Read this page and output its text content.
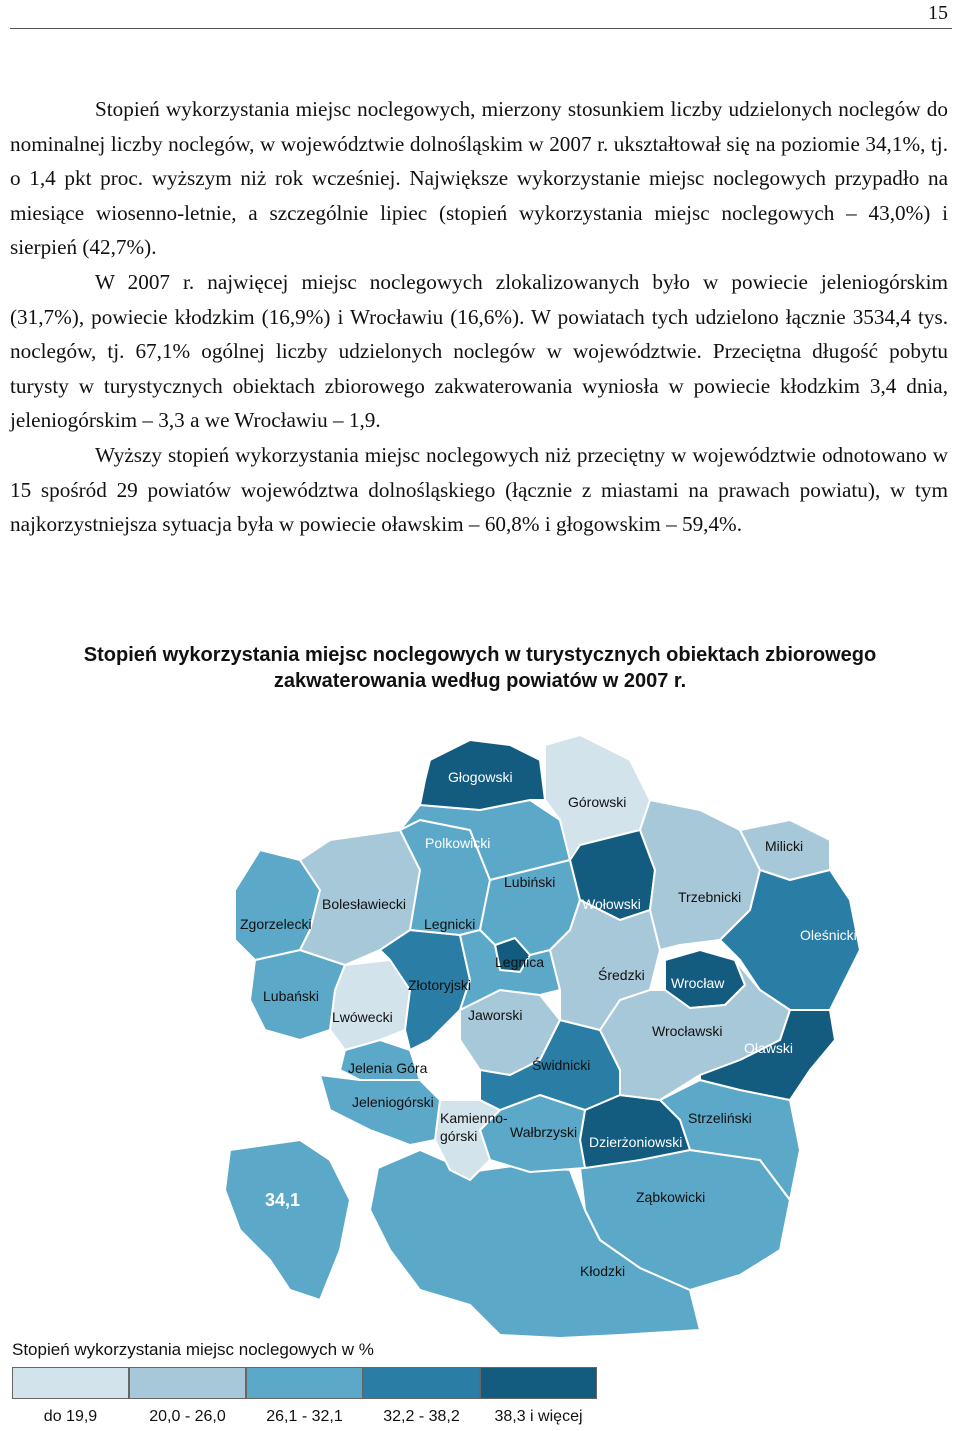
15

Stopień wykorzystania miejsc noclegowych, mierzony stosunkiem liczby udzielonych noclegów do nominalnej liczby noclegów, w województwie dolnośląskim w 2007 r. ukształtował się na poziomie 34,1%, tj. o 1,4 pkt proc. wyższym niż rok wcześniej. Największe wykorzystanie miejsc noclegowych przypadło na miesiące wiosenno-letnie, a szczególnie lipiec (stopień wykorzystania miejsc noclegowych – 43,0%) i sierpień (42,7%).

W 2007 r. najwięcej miejsc noclegowych zlokalizowanych było w powiecie jeleniogórskim (31,7%), powiecie kłodzkim (16,9%) i Wrocławiu (16,6%). W powiatach tych udzielono łącznie 3534,4 tys. noclegów, tj. 67,1% ogólnej liczby udzielonych noclegów w województwie. Przeciętna długość pobytu turysty w turystycznych obiektach zbiorowego zakwaterowania wyniosła w powiecie kłodzkim 3,4 dnia, jeleniogórskim – 3,3 a we Wrocławiu – 1,9.

Wyższy stopień wykorzystania miejsc noclegowych niż przeciętny w województwie odnotowano w 15 spośród 29 powiatów województwa dolnośląskiego (łącznie z miastami na prawach powiatu), w tym najkorzystniejsza sytuacja była w powiecie oławskim – 60,8% i głogowskim – 59,4%.

Stopień wykorzystania miejsc noclegowych w turystycznych obiektach zbiorowego
zakwaterowania według powiatów w 2007 r.
Głogowski
Górowski
Polkowicki	Milicki
Lubiński
Wołowski	Trzebnicki
Bolesławiecki
Zgorzelecki	Legnicki
Oleśnicki
Legnica
Średzki Wrocław
Złotoryjski
Lubański
Jaworski
Lwówecki
Wrocławski
Oławski
Jelenia Góra	Świdnicki
Jeleniogórski
Kamienno-
górski Wałbrzyski
Strzeliński
Dzierżoniowski
Ząbkowicki
Kłodzki
34,1
Stopień wykorzystania miejsc noclegowych w %
do 19,9	20,0 - 26,0	26,1 - 32,1	32,2 - 38,2	38,3 i więcej
